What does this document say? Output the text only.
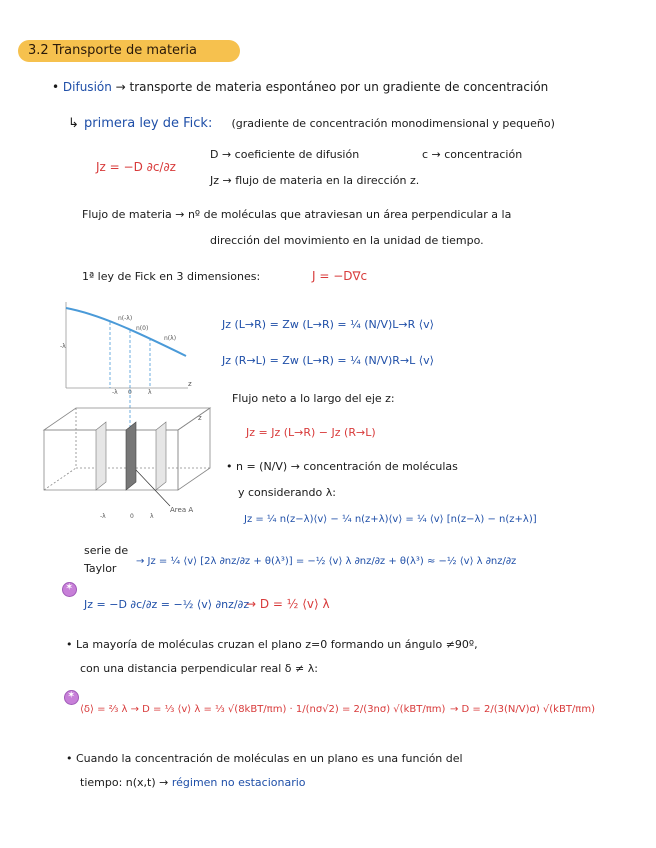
3.2 Transporte de materia
• Difusión → transporte de materia espontáneo por un gradiente de concentración
↳ primera ley de Fick: (gradiente de concentración monodimensional y pequeño)
Jz = −D ∂c/∂z
D → coeficiente de difusión	c → concentración
Jz → flujo de materia en la dirección z.
Flujo de materia → nº de moléculas que atraviesan un área perpendicular a la
dirección del movimiento en la unidad de tiempo.
1ª ley de Fick en 3 dimensiones:	J = −D∇c
Jz (L→R) = Zw (L→R) = ¼ (N/V)L→R ⟨v⟩
Jz (R→L) = Zw (L→R) = ¼ (N/V)R→L ⟨v⟩
n(-λ)
n(0)
n(λ)
z
-λ
Area A
-λ	0	λ
-λ 0	λ
z
Flujo neto a lo largo del eje z:
Jz = Jz (L→R) − Jz (R→L)
• n = (N/V) → concentración de moléculas
y considerando λ:
Jz = ¼ n(z−λ)⟨v⟩ − ¼ n(z+λ)⟨v⟩ = ¼ ⟨v⟩ [n(z−λ) − n(z+λ)]
serie de
Taylor
→ Jz = ¼ ⟨v⟩ [2λ ∂nz/∂z + θ(λ³)] = −½ ⟨v⟩ λ ∂nz/∂z + θ(λ³) ≈ −½ ⟨v⟩ λ ∂nz/∂z
✶
Jz = −D ∂c/∂z = −½ ⟨v⟩ ∂nz/∂z
→ D = ½ ⟨v⟩ λ
• La mayoría de moléculas cruzan el plano z=0 formando un ángulo ≠90º,
con una distancia perpendicular real δ ≠ λ:
✶
⟨δ⟩ = ⅔ λ → D = ⅓ ⟨v⟩ λ = ⅓ √(8kBT/πm) · 1/(nσ√2) = 2/(3nσ) √(kBT/πm) → D = 2/(3(N/V)σ) √(kBT/πm)
• Cuando la concentración de moléculas en un plano es una función del
tiempo: n(x,t) → régimen no estacionario
